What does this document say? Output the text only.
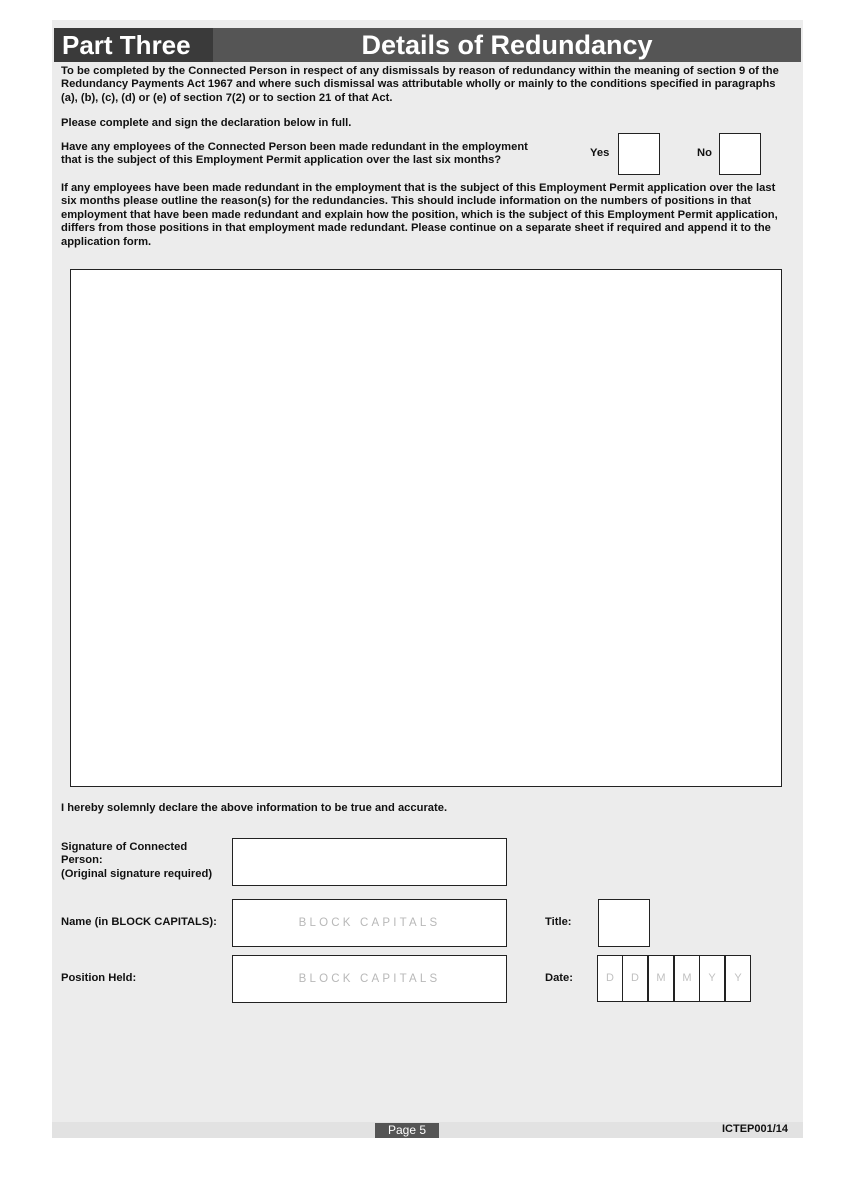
Part Three	Details of Redundancy
To be completed by the Connected Person in respect of any dismissals by reason of redundancy within the meaning of section 9 of the
Redundancy Payments Act 1967 and where such dismissal was attributable wholly or mainly to the conditions specified in paragraphs
(a), (b), (c), (d) or (e) of section 7(2) or to section 21 of that Act.
Please complete and sign the declaration below in full.
Have any employees of the Connected Person been made redundant in the employment
that is the subject of this Employment Permit application over the last six months?
Yes	No
If any employees have been made redundant in the employment that is the subject of this Employment Permit application over the last
six months please outline the reason(s) for the redundancies. This should include information on the numbers of positions in that
employment that have been made redundant and explain how the position, which is the subject of this Employment Permit application,
differs from those positions in that employment made redundant. Please continue on a separate sheet if required and append it to the
application form.
I hereby solemnly declare the above information to be true and accurate.
Signature of Connected
Person:
(Original signature required)
Name (in BLOCK CAPITALS):	BLOCK CAPITALS	Title:
Position Held:	BLOCK CAPITALS	Date:	D	D	M	M	Y	Y
Page 5	ICTEP001/14
